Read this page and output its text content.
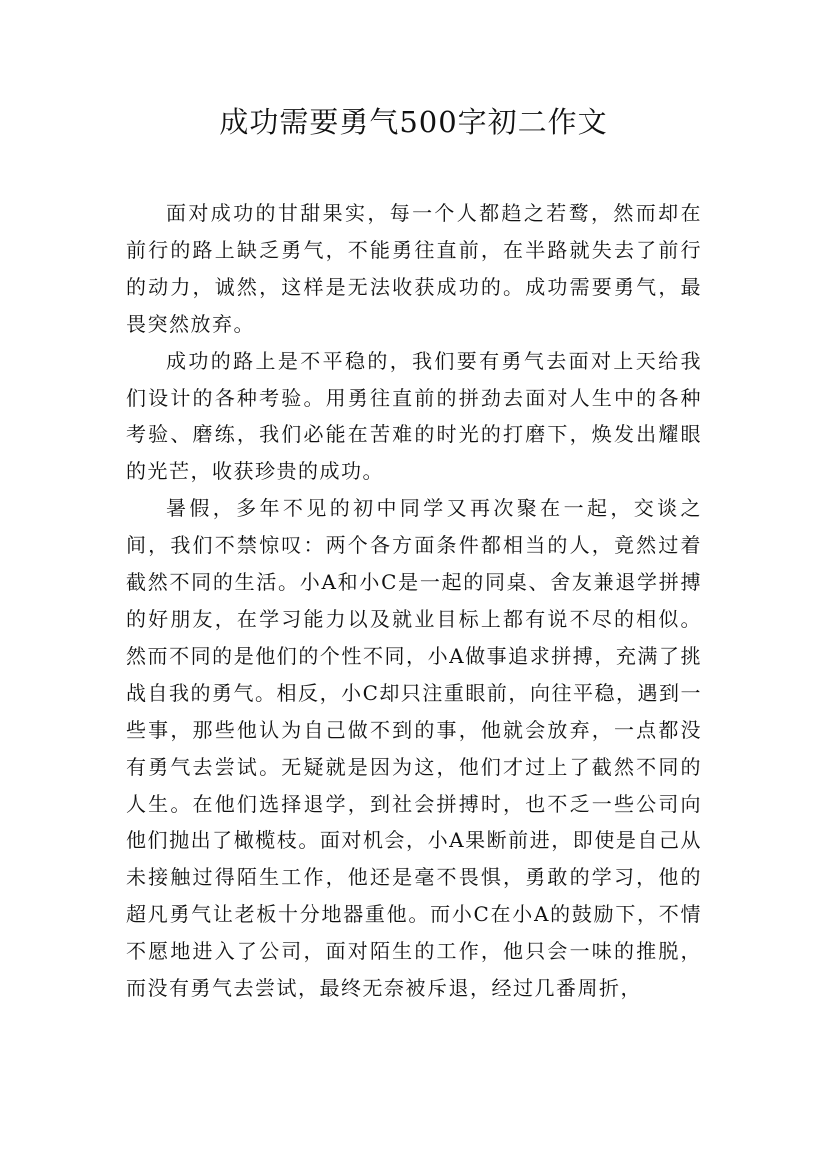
成功需要勇气500字初二作文

面对成功的甘甜果实，每一个人都趋之若鹜，然而却在前行的路上缺乏勇气，不能勇往直前，在半路就失去了前行的动力，诚然，这样是无法收获成功的。成功需要勇气，最畏突然放弃。

成功的路上是不平稳的，我们要有勇气去面对上天给我们设计的各种考验。用勇往直前的拼劲去面对人生中的各种考验、磨练，我们必能在苦难的时光的打磨下，焕发出耀眼的光芒，收获珍贵的成功。

暑假，多年不见的初中同学又再次聚在一起，交谈之间，我们不禁惊叹：两个各方面条件都相当的人，竟然过着截然不同的生活。小A和小C是一起的同桌、舍友兼退学拼搏的好朋友，在学习能力以及就业目标上都有说不尽的相似。然而不同的是他们的个性不同，小A做事追求拼搏，充满了挑战自我的勇气。相反，小C却只注重眼前，向往平稳，遇到一些事，那些他认为自己做不到的事，他就会放弃，一点都没有勇气去尝试。无疑就是因为这，他们才过上了截然不同的人生。在他们选择退学，到社会拼搏时，也不乏一些公司向他们抛出了橄榄枝。面对机会，小A果断前进，即使是自己从未接触过得陌生工作，他还是毫不畏惧，勇敢的学习，他的超凡勇气让老板十分地器重他。而小C在小A的鼓励下，不情不愿地进入了公司，面对陌生的工作，他只会一味的推脱，而没有勇气去尝试，最终无奈被斥退，经过几番周折，
